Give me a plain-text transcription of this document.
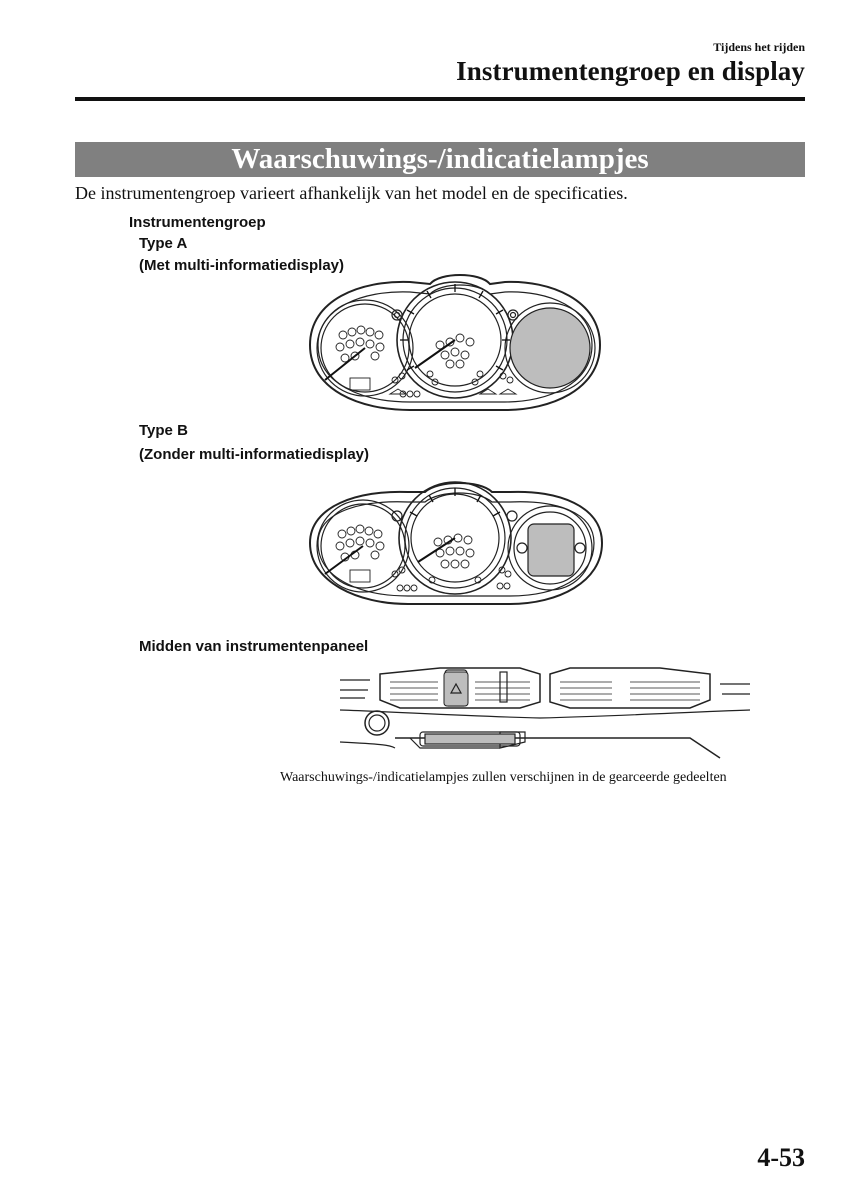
Tijdens het rijden
Instrumentengroep en display
Waarschuwings-/indicatielampjes
De instrumentengroep varieert afhankelijk van het model en de specificaties.
Instrumentengroep
Type A
(Met multi-informatiedisplay)
Type B
(Zonder multi-informatiedisplay)
Midden van instrumentenpaneel
Waarschuwings-/indicatielampjes zullen verschijnen in de gearceerde gedeelten
4-53
